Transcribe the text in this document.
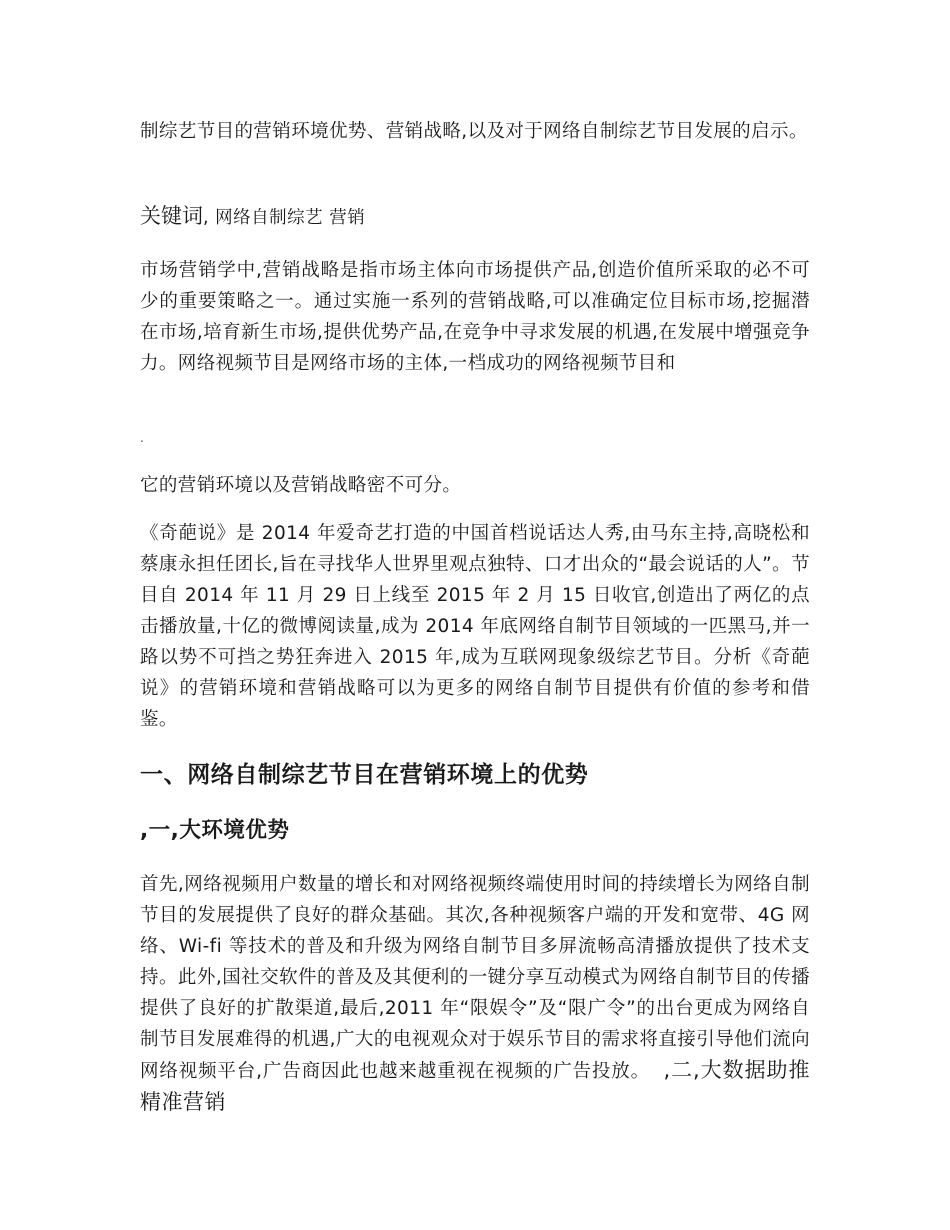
制综艺节目的营销环境优势、营销战略,以及对于网络自制综艺节目发展的启示。

关键词, 网络自制综艺 营销

市场营销学中,营销战略是指市场主体向市场提供产品,创造价值所采取的必不可少的重要策略之一。通过实施一系列的营销战略,可以准确定位目标市场,挖掘潜在市场,培育新生市场,提供优势产品,在竞争中寻求发展的机遇,在发展中增强竞争力。网络视频节目是网络市场的主体,一档成功的网络视频节目和

.

它的营销环境以及营销战略密不可分。

《奇葩说》是 2014 年爱奇艺打造的中国首档说话达人秀,由马东主持,高晓松和蔡康永担任团长,旨在寻找华人世界里观点独特、口才出众的“最会说话的人”。节目自 2014 年 11 月 29 日上线至 2015 年 2 月 15 日收官,创造出了两亿的点击播放量,十亿的微博阅读量,成为 2014 年底网络自制节目领域的一匹黑马,并一路以势不可挡之势狂奔进入 2015 年,成为互联网现象级综艺节目。分析《奇葩说》的营销环境和营销战略可以为更多的网络自制节目提供有价值的参考和借鉴。

一、网络自制综艺节目在营销环境上的优势
,一,大环境优势

首先,网络视频用户数量的增长和对网络视频终端使用时间的持续增长为网络自制节目的发展提供了良好的群众基础。其次,各种视频客户端的开发和宽带、4G 网络、Wi-fi 等技术的普及和升级为网络自制节目多屏流畅高清播放提供了技术支持。此外,国社交软件的普及及其便利的一键分享互动模式为网络自制节目的传播提供了良好的扩散渠道,最后,2011 年“限娱令”及“限广令”的出台更成为网络自制节目发展难得的机遇,广大的电视观众对于娱乐节目的需求将直接引导他们流向网络视频平台,广告商因此也越来越重视在视频的广告投放。 ,二,大数据助推精准营销
